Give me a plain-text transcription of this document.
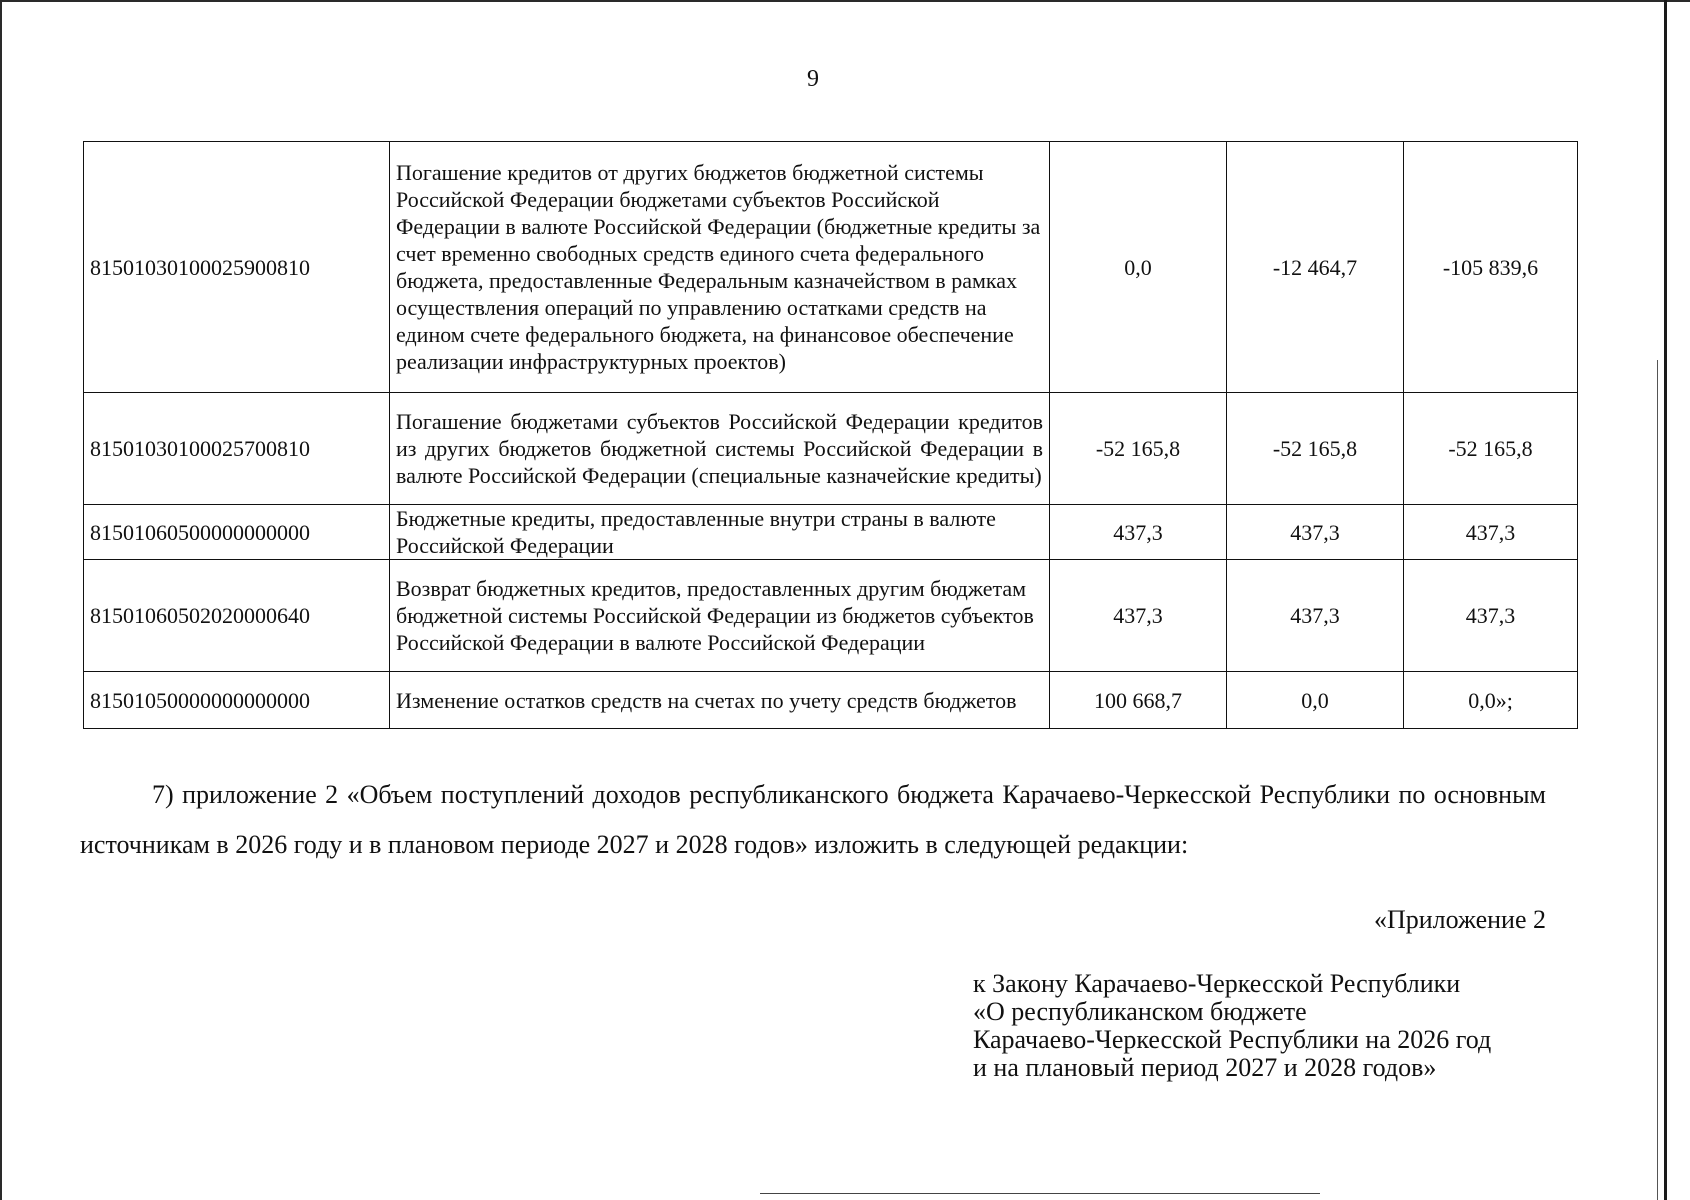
9
81501030100025900810	Погашение кредитов от других бюджетов бюджетной системы Российской Федерации бюджетами субъектов Российской Федерации в валюте Российской Федерации (бюджетные кредиты за счет временно свободных средств единого счета федерального бюджета, предоставленные Федеральным казначейством в рамках осуществления операций по управлению остатками средств на едином счете федерального бюджета, на финансовое обеспечение реализации инфраструктурных проектов)	0,0	-12 464,7	-105 839,6
81501030100025700810	Погашение бюджетами субъектов Российской Федерации кредитов из других бюджетов бюджетной системы Российской Федерации в валюте Российской Федерации (специальные казначейские кредиты)	-52 165,8	-52 165,8	-52 165,8
81501060500000000000	Бюджетные кредиты, предоставленные внутри страны в валюте Российской Федерации	437,3	437,3	437,3
81501060502020000640	Возврат бюджетных кредитов, предоставленных другим бюджетам бюджетной системы Российской Федерации из бюджетов субъектов Российской Федерации в валюте Российской Федерации	437,3	437,3	437,3
81501050000000000000	Изменение остатков средств на счетах по учету средств бюджетов	100 668,7	0,0	0,0»;

7) приложение 2 «Объем поступлений доходов республиканского бюджета Карачаево-Черкесской Республики по основным источникам в 2026 году и в плановом периоде 2027 и 2028 годов» изложить в следующей редакции:

«Приложение 2

к Закону Карачаево-Черкесской Республики
«О республиканском бюджете
Карачаево-Черкесской Республики на 2026 год
и на плановый период 2027 и 2028 годов»
